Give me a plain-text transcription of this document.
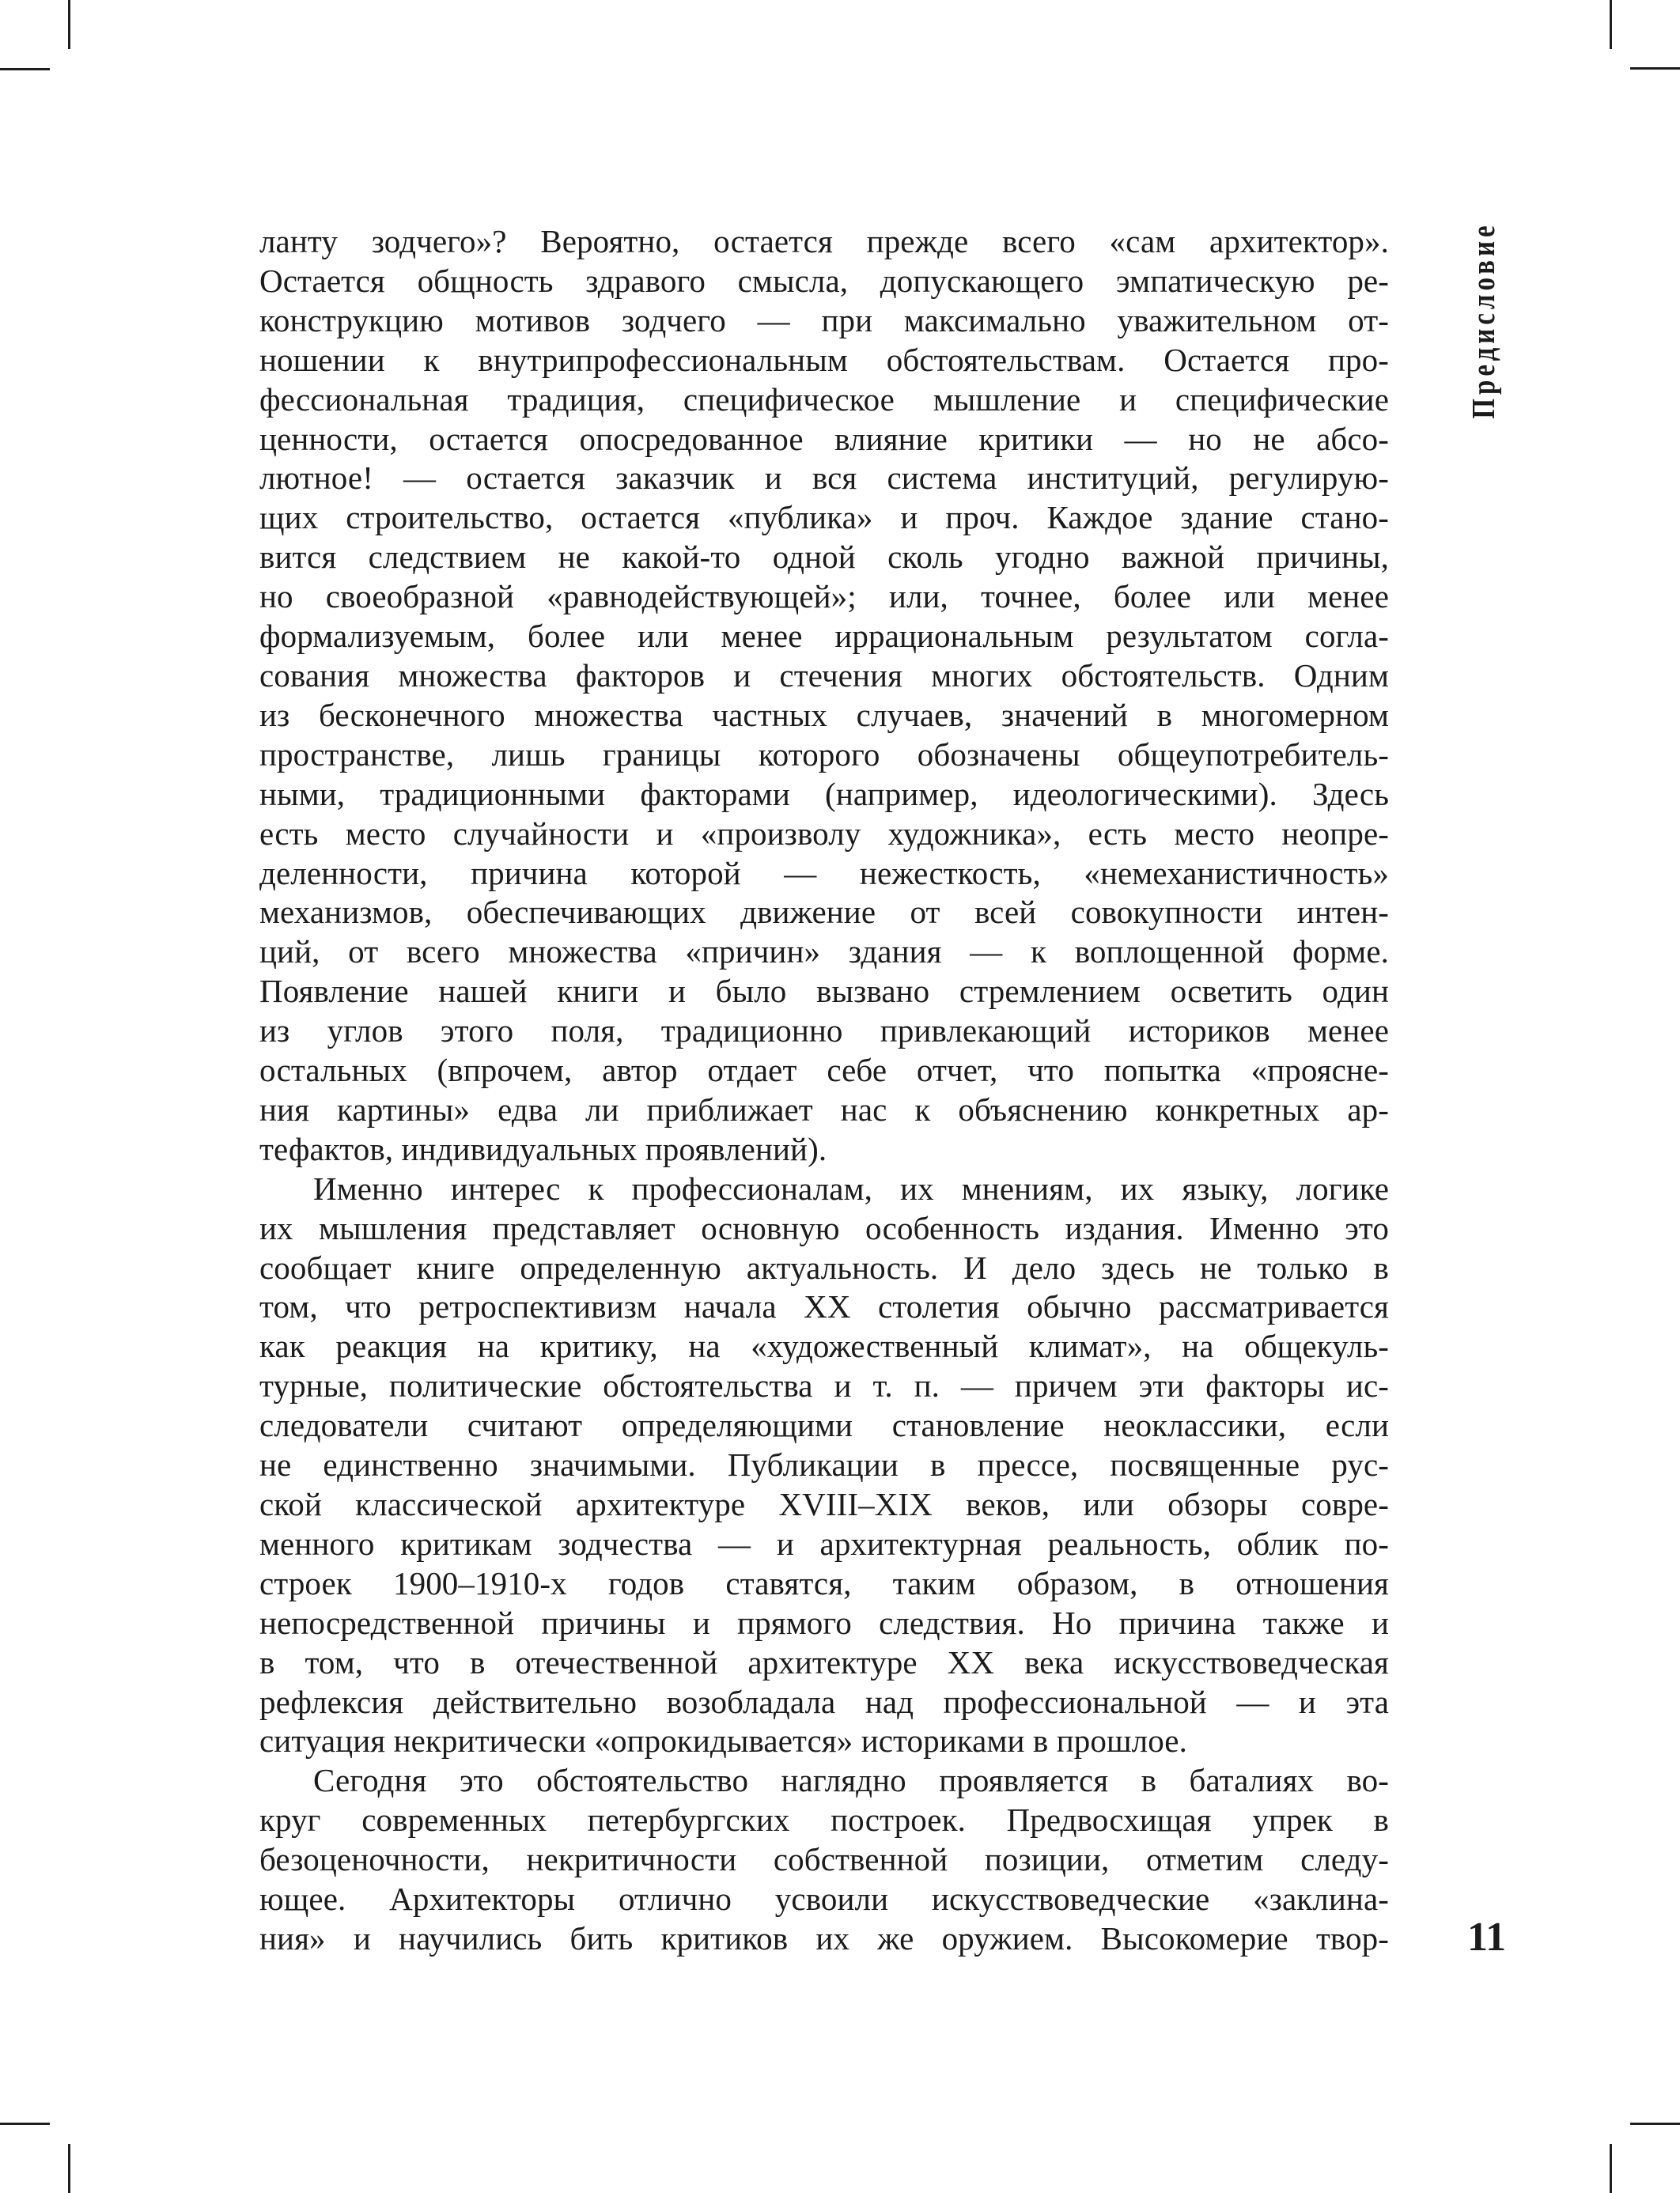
ланту зодчего»? Вероятно, остается прежде всего «сам архитектор».
Остается общность здравого смысла, допускающего эмпатическую ре-
конструкцию мотивов зодчего — при максимально уважительном от-
ношении к внутрипрофессиональным обстоятельствам. Остается про-
фессиональная традиция, специфическое мышление и специфические
ценности, остается опосредованное влияние критики — но не абсо-
лютное! — остается заказчик и вся система институций, регулирую-
щих строительство, остается «публика» и проч. Каждое здание стано-
вится следствием не какой-то одной сколь угодно важной причины,
но своеобразной «равнодействующей»; или, точнее, более или менее
формализуемым, более или менее иррациональным результатом согла-
сования множества факторов и стечения многих обстоятельств. Одним
из бесконечного множества частных случаев, значений в многомерном
пространстве, лишь границы которого обозначены общеупотребитель-
ными, традиционными факторами (например, идеологическими). Здесь
есть место случайности и «произволу художника», есть место неопре-
деленности, причина которой — нежесткость, «немеханистичность»
механизмов, обеспечивающих движение от всей совокупности интен-
ций, от всего множества «причин» здания — к воплощенной форме.
Появление нашей книги и было вызвано стремлением осветить один
из углов этого поля, традиционно привлекающий историков менее
остальных (впрочем, автор отдает себе отчет, что попытка «проясне-
ния картины» едва ли приближает нас к объяснению конкретных ар-
тефактов, индивидуальных проявлений).
Именно интерес к профессионалам, их мнениям, их языку, логике
их мышления представляет основную особенность издания. Именно это
сообщает книге определенную актуальность. И дело здесь не только в
том, что ретроспективизм начала XX столетия обычно рассматривается
как реакция на критику, на «художественный климат», на общекуль-
турные, политические обстоятельства и т. п. — причем эти факторы ис-
следователи считают определяющими становление неоклассики, если
не единственно значимыми. Публикации в прессе, посвященные рус-
ской классической архитектуре XVIII–XIX веков, или обзоры совре-
менного критикам зодчества — и архитектурная реальность, облик по-
строек 1900–1910-х годов ставятся, таким образом, в отношения
непосредственной причины и прямого следствия. Но причина также и
в том, что в отечественной архитектуре XX века искусствоведческая
рефлексия действительно возобладала над профессиональной — и эта
ситуация некритически «опрокидывается» историками в прошлое.
Сегодня это обстоятельство наглядно проявляется в баталиях во-
круг современных петербургских построек. Предвосхищая упрек в
безоценочности, некритичности собственной позиции, отметим следу-
ющее. Архитекторы отлично усвоили искусствоведческие «заклина-
ния» и научились бить критиков их же оружием. Высокомерие твор-
Предисловие
11
